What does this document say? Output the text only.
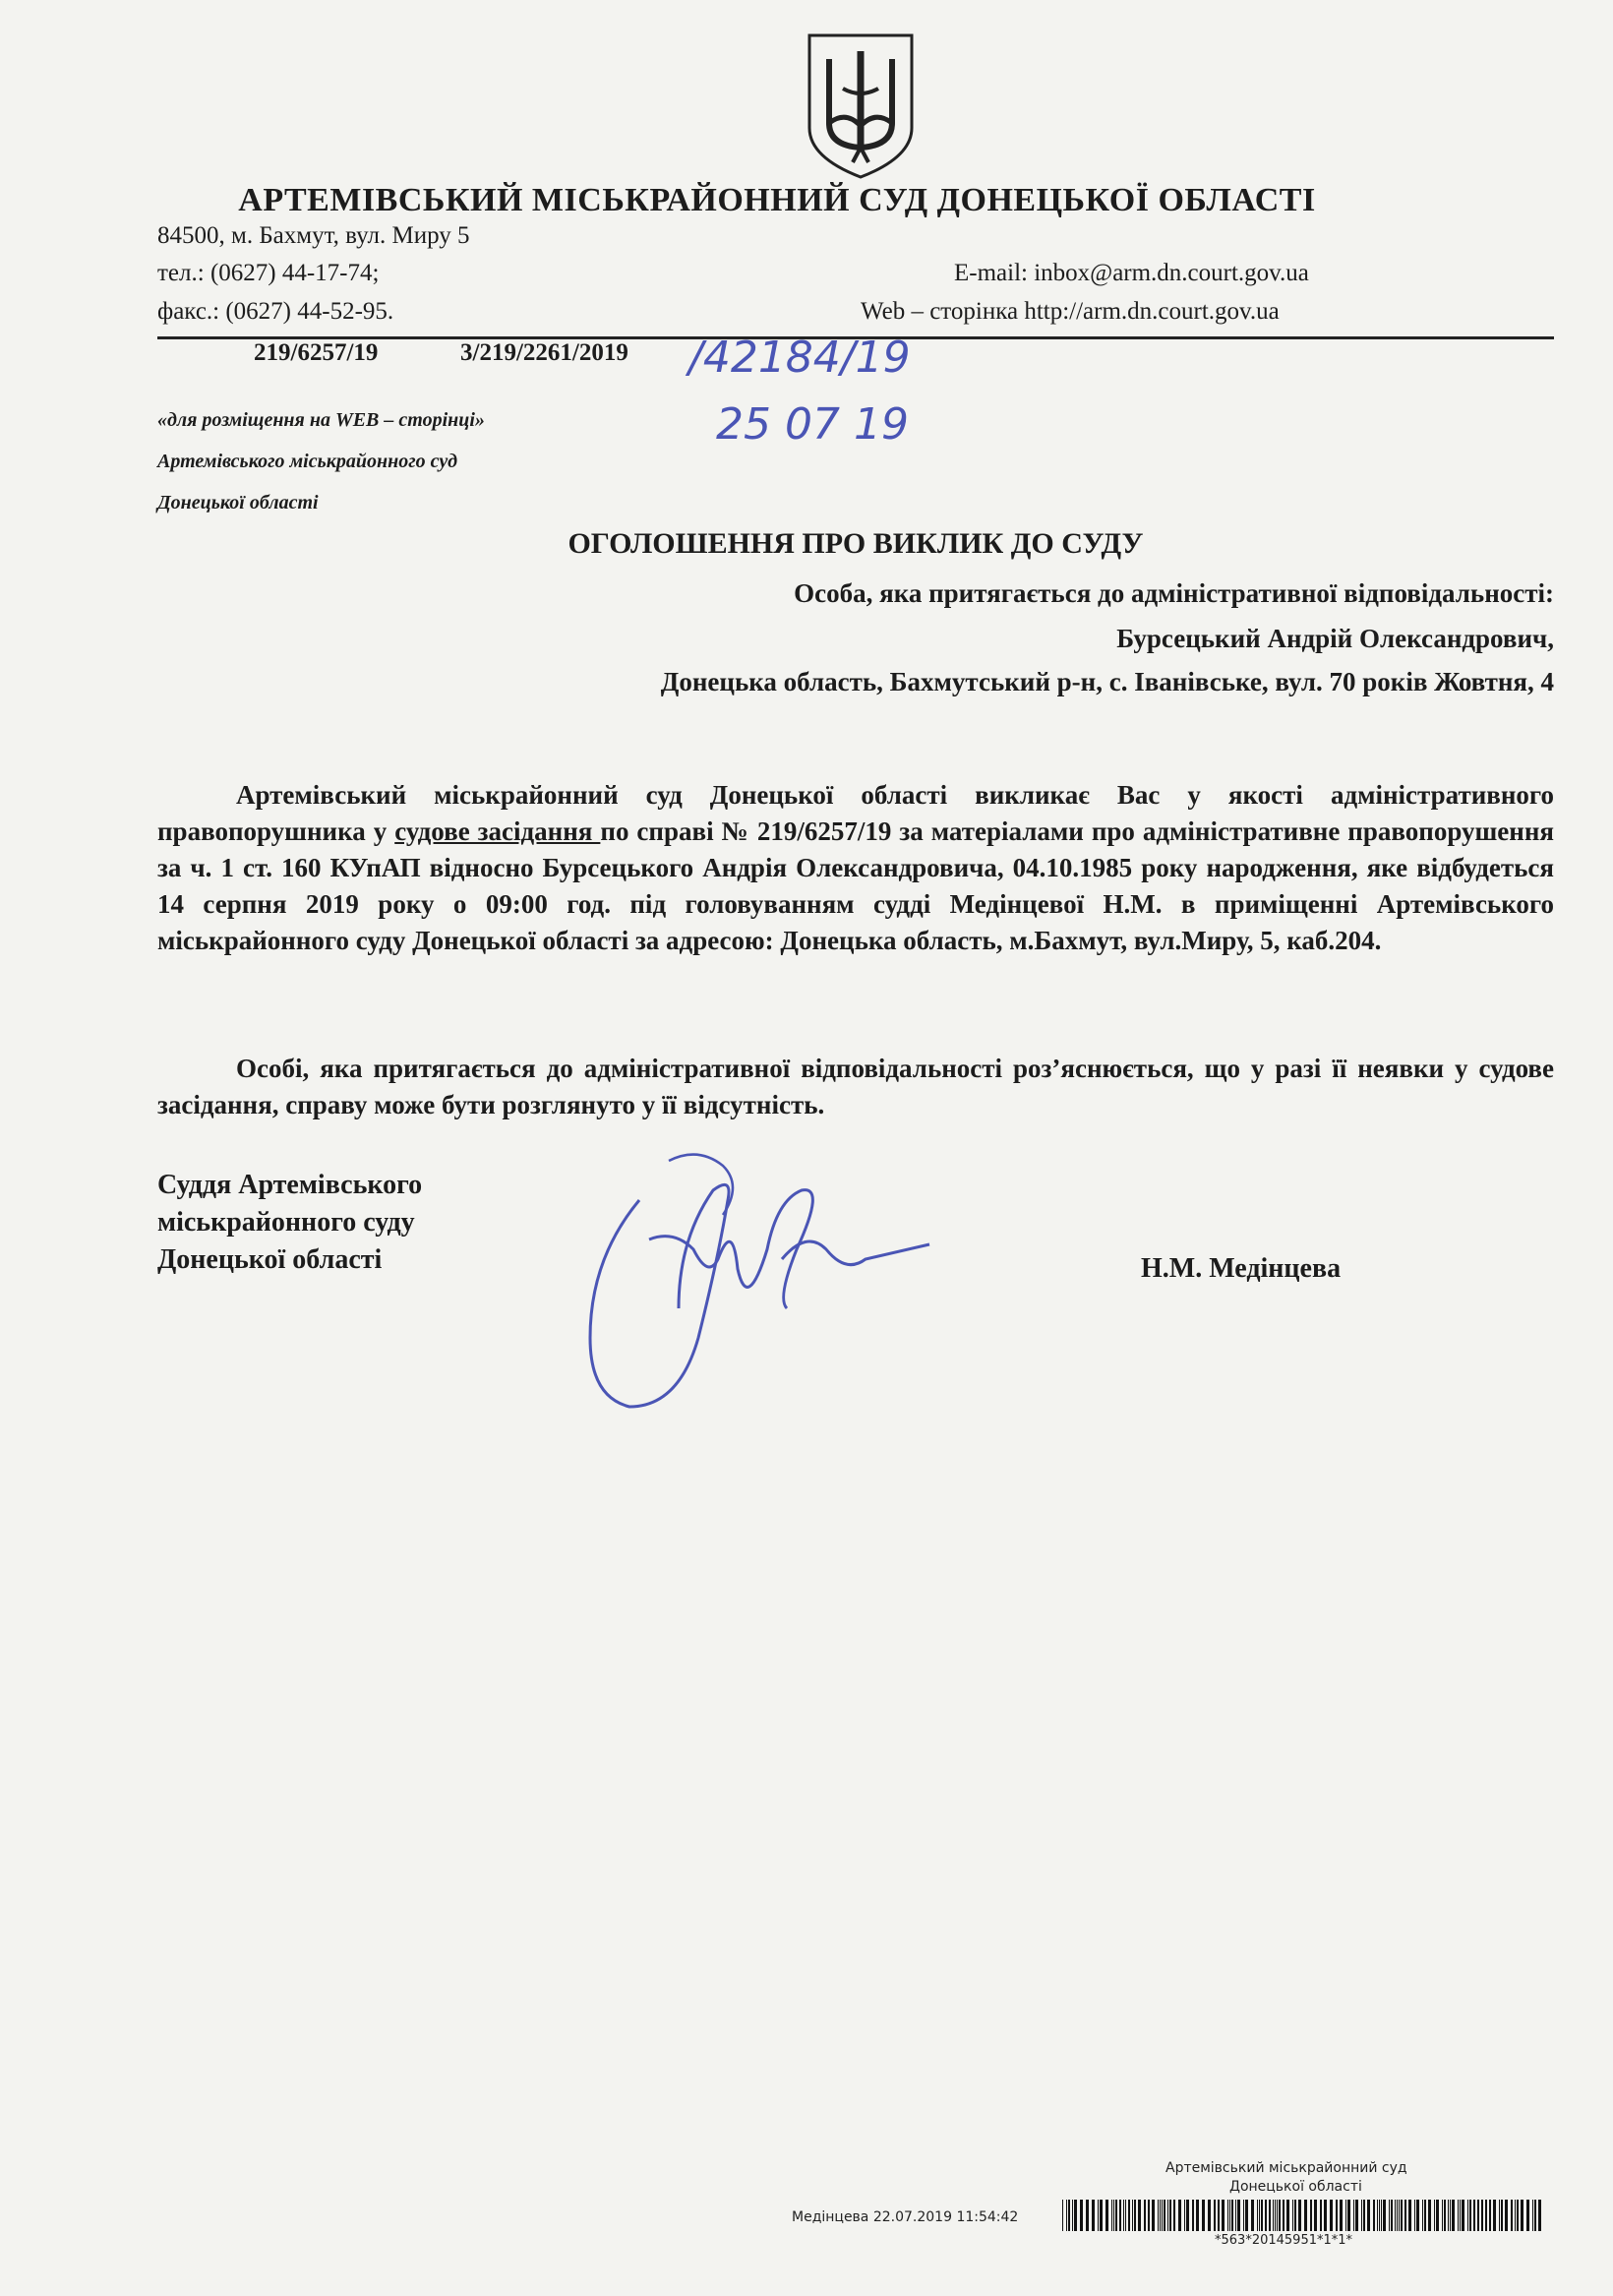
АРТЕМІВСЬКИЙ МІСЬКРАЙОННИЙ СУД ДОНЕЦЬКОЇ ОБЛАСТІ
84500, м. Бахмут, вул. Миру 5
тел.: (0627) 44-17-74;
факс.: (0627) 44-52-95.
E-mail: inbox@arm.dn.court.gov.ua
Web – сторінка http://arm.dn.court.gov.ua
219/6257/19	3/219/2261/2019 /42184/19
25 07 19
«для розміщення на WEB – сторінці»
Артемівського міськрайонного суд
Донецької області
ОГОЛОШЕННЯ ПРО ВИКЛИК ДО СУДУ
Особа, яка притягається до адміністративної відповідальності:
Бурсецький Андрій Олександрович,
Донецька область, Бахмутський р-н, с. Іванівське, вул. 70 років Жовтня, 4
Артемівський міськрайонний суд Донецької області викликає Вас у якості адміністративного правопорушника у судове засідання по справі № 219/6257/19 за матеріалами про адміністративне правопорушення за ч. 1 ст. 160 КУпАП відносно Бурсецького Андрія Олександровича, 04.10.1985 року народження, яке відбудеться 14 серпня 2019 року о 09:00 год. під головуванням судді Медінцевої Н.М. в приміщенні Артемівського міськрайонного суду Донецької області за адресою: Донецька область, м.Бахмут, вул.Миру, 5, каб.204.
Особі, яка притягається до адміністративної відповідальності роз’яснюється, що у разі її неявки у судове засідання, справу може бути розглянуто у її відсутність.
Суддя Артемівського
міськрайонного суду
Донецької області	Н.М. Медінцева
Артемівський міськрайонний суд
Донецької області
Медінцева 22.07.2019 11:54:42
*563*20145951*1*1*
